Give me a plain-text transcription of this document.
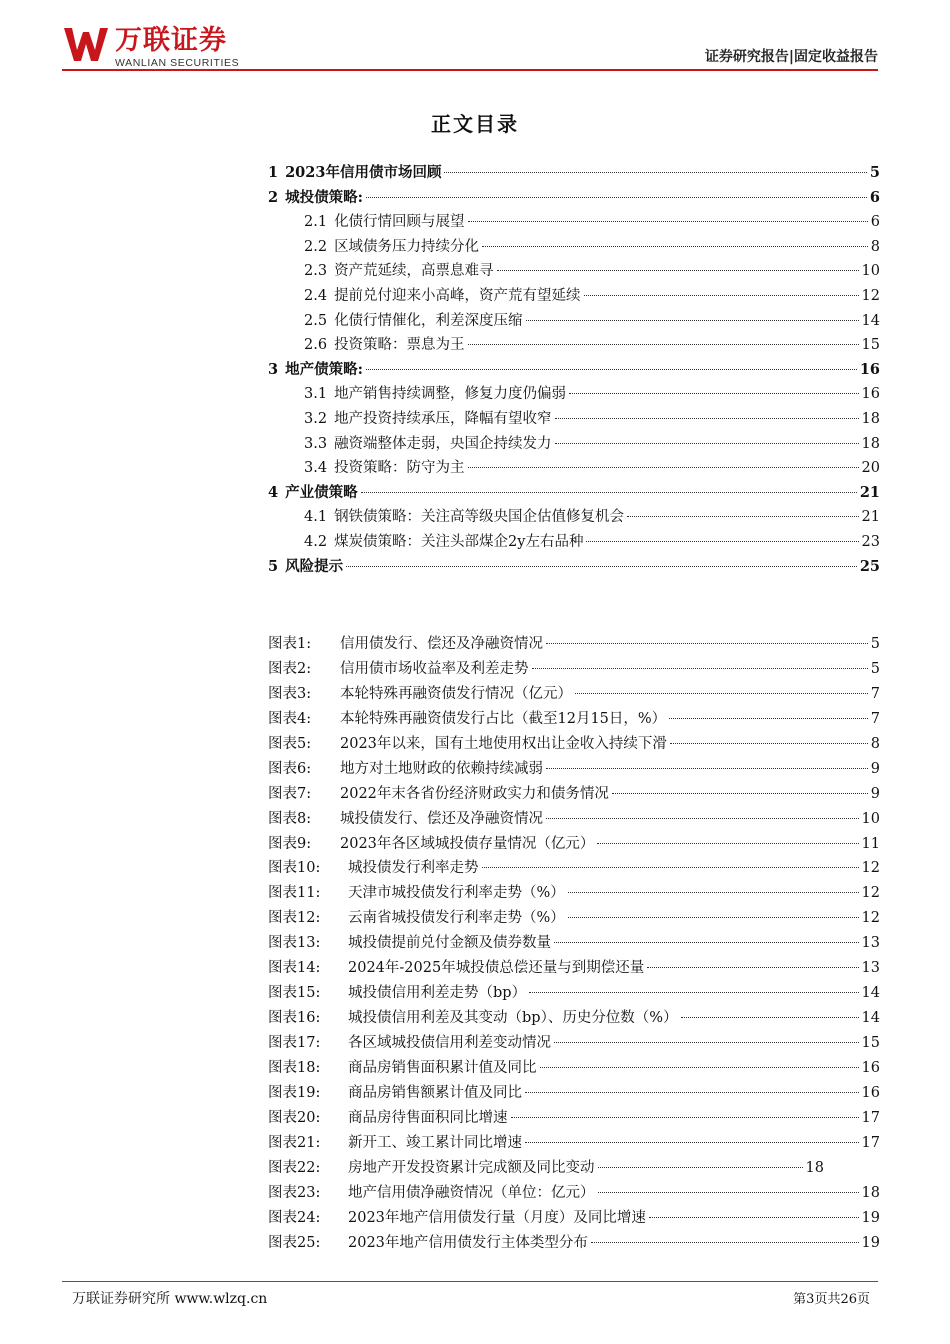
万联证券
WANLIAN SECURITIES	证券研究报告|固定收益报告
正文目录
1 2023年信用债市场回顾	5
2 城投债策略:	6
2.1 化债行情回顾与展望	6
2.2 区域债务压力持续分化	8
2.3 资产荒延续，高票息难寻	10
2.4 提前兑付迎来小高峰，资产荒有望延续	12
2.5 化债行情催化，利差深度压缩	14
2.6 投资策略：票息为王	15
3 地产债策略:	16
3.1 地产销售持续调整，修复力度仍偏弱	16
3.2 地产投资持续承压，降幅有望收窄	18
3.3 融资端整体走弱，央国企持续发力	18
3.4 投资策略：防守为主	20
4 产业债策略	21
4.1 钢铁债策略：关注高等级央国企估值修复机会	21
4.2 煤炭债策略：关注头部煤企2y左右品种	23
5 风险提示	25
图表1:	信用债发行、偿还及净融资情况	5
图表2:	信用债市场收益率及利差走势	5
图表3:	本轮特殊再融资债发行情况（亿元）	7
图表4:	本轮特殊再融资债发行占比（截至12月15日，%）	7
图表5:	2023年以来，国有土地使用权出让金收入持续下滑	8
图表6:	地方对土地财政的依赖持续减弱	9
图表7:	2022年末各省份经济财政实力和债务情况	9
图表8:	城投债发行、偿还及净融资情况	10
图表9:	2023年各区域城投债存量情况（亿元）	11
图表10:	城投债发行利率走势	12
图表11:	天津市城投债发行利率走势（%）	12
图表12:	云南省城投债发行利率走势（%）	12
图表13:	城投债提前兑付金额及债券数量	13
图表14:	2024年-2025年城投债总偿还量与到期偿还量	13
图表15:	城投债信用利差走势（bp）	14
图表16:	城投债信用利差及其变动（bp）、历史分位数（%）	14
图表17:	各区域城投债信用利差变动情况	15
图表18:	商品房销售面积累计值及同比	16
图表19:	商品房销售额累计值及同比	16
图表20:	商品房待售面积同比增速	17
图表21:	新开工、竣工累计同比增速	17
图表22:	房地产开发投资累计完成额及同比变动	18
图表23:	地产信用债净融资情况（单位：亿元）	18
图表24:	2023年地产信用债发行量（月度）及同比增速	19
图表25:	2023年地产信用债发行主体类型分布	19
万联证券研究所 www.wlzq.cn	第3页共26页
